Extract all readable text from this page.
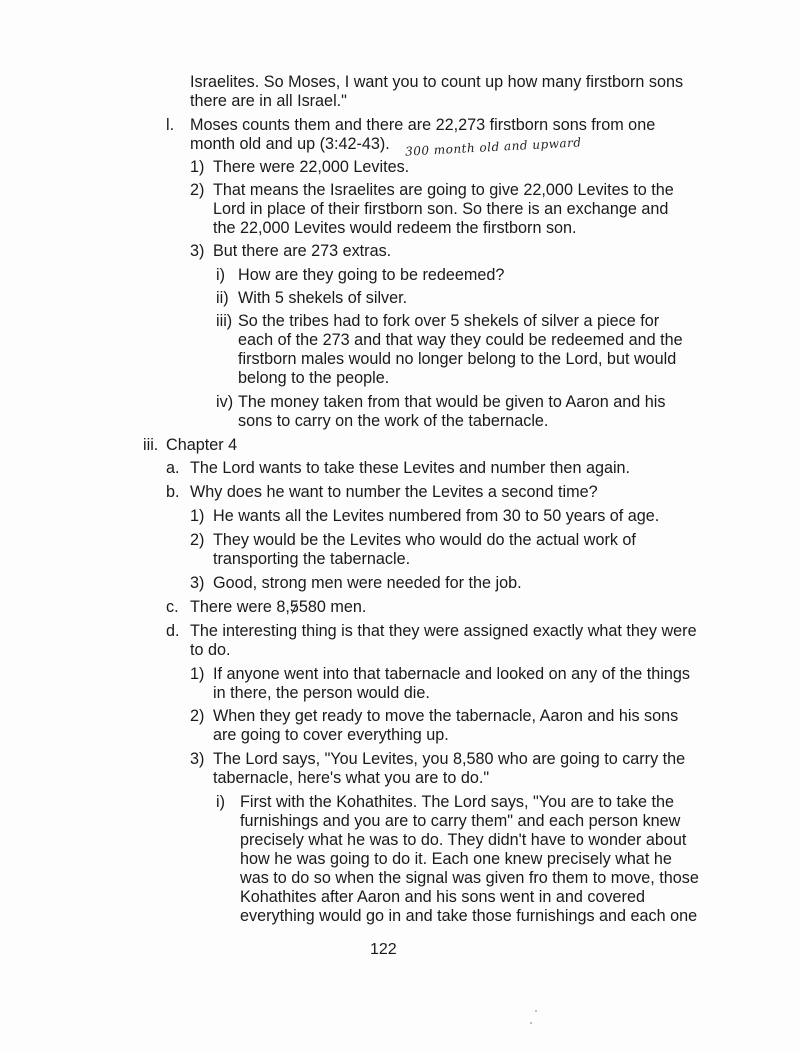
Israelites. So Moses, I want you to count up how many firstborn sons
there are in all Israel."
l. Moses counts them and there are 22,273 firstborn sons from one
month old and up (3:42-43).
1) There were 22,000 Levites.
2) That means the Israelites are going to give 22,000 Levites to the
Lord in place of their firstborn son. So there is an exchange and
the 22,000 Levites would redeem the firstborn son.
3) But there are 273 extras.
i) How are they going to be redeemed?
ii) With 5 shekels of silver.
iii) So the tribes had to fork over 5 shekels of silver a piece for
each of the 273 and that way they could be redeemed and the
firstborn males would no longer belong to the Lord, but would
belong to the people.
iv) The money taken from that would be given to Aaron and his
sons to carry on the work of the tabernacle.
iii. Chapter 4
a. The Lord wants to take these Levites and number then again.
b. Why does he want to number the Levites a second time?
1) He wants all the Levites numbered from 30 to 50 years of age.
2) They would be the Levites who would do the actual work of
transporting the tabernacle.
3) Good, strong men were needed for the job.
c. There were 8,5580 men.
d. The interesting thing is that they were assigned exactly what they were
to do.
1) If anyone went into that tabernacle and looked on any of the things
in there, the person would die.
2) When they get ready to move the tabernacle, Aaron and his sons
are going to cover everything up.
3) The Lord says, "You Levites, you 8,580 who are going to carry the
tabernacle, here's what you are to do."
i) First with the Kohathites. The Lord says, "You are to take the
furnishings and you are to carry them" and each person knew
precisely what he was to do. They didn't have to wonder about
how he was going to do it. Each one knew precisely what he
was to do so when the signal was given fro them to move, those
Kohathites after Aaron and his sons went in and covered
everything would go in and take those furnishings and each one
300 month old and upward
122
